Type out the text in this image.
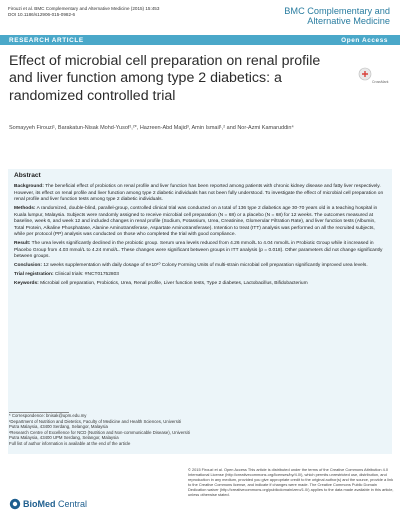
Firouzi et al. BMC Complementary and Alternative Medicine (2015) 15:453
DOI 10.1186/s12906-015-0982-6	BMC Complementary and
Alternative Medicine
RESEARCH ARTICLE	Open Access
Effect of microbial cell preparation on renal profile and liver function among type 2 diabetics: a randomized controlled trial
CrossMark
Somayyeh Firouzi¹, Barakatun-Nisak Mohd-Yusof¹,²*, Hazreen-Abd Majid³, Amin Ismail¹,² and Nor-Azmi Kamaruddin⁴
Abstract

Background: The beneficial effect of probiotics on renal profile and liver function has been reported among patients with chronic kidney disease and fatty liver respectively. However, its effect on renal profile and liver function among type 2 diabetic individuals has not been fully understood. To investigate the effect of microbial cell preparation on renal profile and liver function tests among type 2 diabetic individuals.

Methods: A randomized, double-blind, parallel-group, controlled clinical trial was conducted on a total of 136 type 2 diabetics age 30-70 years old in a teaching hospital in Kuala lumpur, Malaysia. Subjects were randomly assigned to receive microbial cell preparation (N = 68) or a placebo (N = 68) for 12 weeks. The outcomes measured at baseline, week 6, and week 12 and included changes in renal profile (Sodium, Potassium, Urea, Creatinine, Glomerular Filtration Rate), and liver function tests (Albumin, Total Protein, Alkaline Phosphatase, Alanine Aminotransferase, Aspartate Aminotransferase). Intention to treat (ITT) analysis was performed on all the recruited subjects, while per protocol (PP) analysis was conducted on those who completed the trial with good compliance.

Result: The urea levels significantly declined in the probiotic group. Serum urea levels reduced from 4.26 mmol/L to 4.04 mmol/L in Probiotic Group while it increased in Placebo Group from 4.03 mmol/L to 4.24 mmol/L. These changes were significant between groups in ITT analysis (p = 0.018). Other parameters did not change significantly between groups.

Conclusion: 12 weeks supplementation with daily dosage of 6×10¹⁰ Colony Forming Units of multi-strain microbial cell preparation significantly improved urea levels.

Trial registration: Clinical trials: #NCT01752803

Keywords: Microbial cell preparation, Probiotics, Urea, Renal profile, Liver function tests, Type 2 diabetes, Lactobacillus, Bifidobacterium

* Correspondence: bnisak@upm.edu.my
¹Department of Nutrition and Dietetics, Faculty of Medicine and Health Sciences, Universiti Putra Malaysia, 43400 Serdang, Selangor, Malaysia
²Research Centre of Excellence for NCD (Nutrition and Non-communicable Disease), Universiti Putra Malaysia, 43400 UPM Serdang, Selangor, Malaysia
Full list of author information is available at the end of the article
BioMed Central
© 2015 Firouzi et al. Open Access This article is distributed under the terms of the Creative Commons Attribution 4.0 International License (http://creativecommons.org/licenses/by/4.0/), which permits unrestricted use, distribution, and reproduction in any medium, provided you give appropriate credit to the original author(s) and the source, provide a link to the Creative Commons license, and indicate if changes were made. The Creative Commons Public Domain Dedication waiver (http://creativecommons.org/publicdomain/zero/1.0/) applies to the data made available in this article, unless otherwise stated.
